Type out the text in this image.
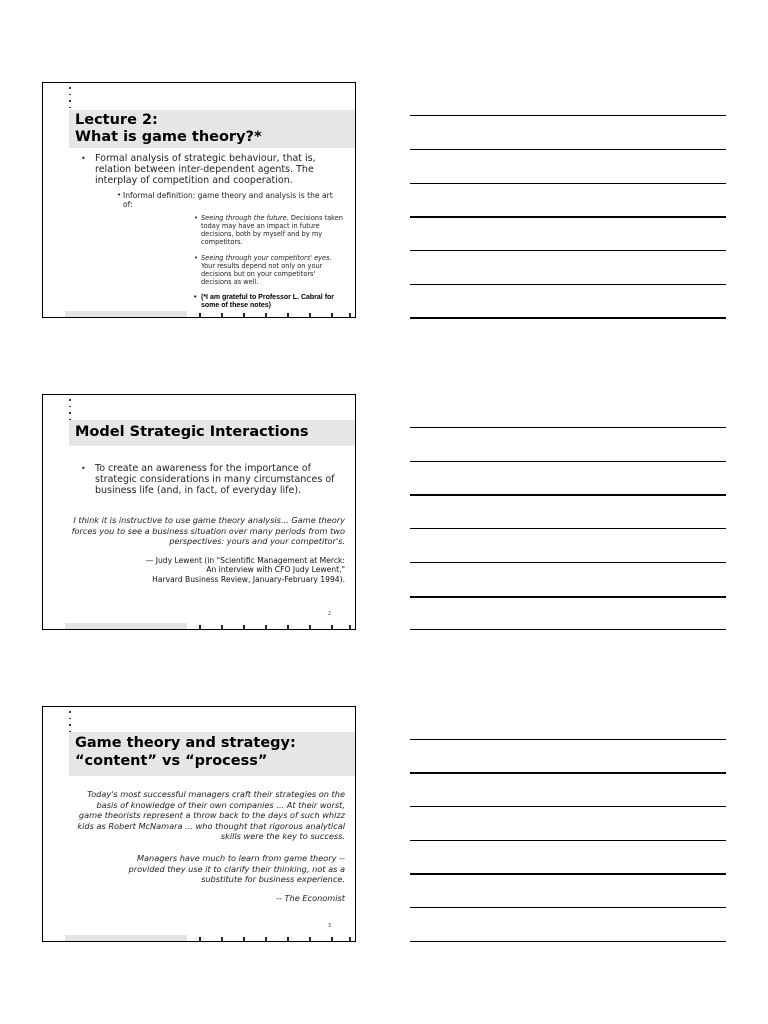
Lecture 2:
What is game theory?*
• Formal analysis of strategic behaviour, that is, relation between inter-dependent agents. The interplay of competition and cooperation.
• Informal definition: game theory and analysis is the art of:
• Seeing through the future. Decisions taken today may have an impact in future decisions, both by myself and by my competitors.
• Seeing through your competitors' eyes. Your results depend not only on your decisions but on your competitors' decisions as well.
• (*I am grateful to Professor L. Cabral for some of these notes)
Model Strategic Interactions
• To create an awareness for the importance of strategic considerations in many circumstances of business life (and, in fact, of everyday life).
I think it is instructive to use game theory analysis... Game theory forces you to see a business situation over many periods from two perspectives: yours and your competitor's.
— Judy Lewent (in "Scientific Management at Merck:
An interview with CFO Judy Lewent,"
Harvard Business Review, January-February 1994).
2
Game theory and strategy:
“content” vs “process”
Today's most successful managers craft their strategies on the basis of knowledge of their own companies ... At their worst, game theorists represent a throw back to the days of such whizz kids as Robert McNamara ... who thought that rigorous analytical skills were the key to success.
Managers have much to learn from game theory -- provided they use it to clarify their thinking, not as a substitute for business experience.
-- The Economist
3
